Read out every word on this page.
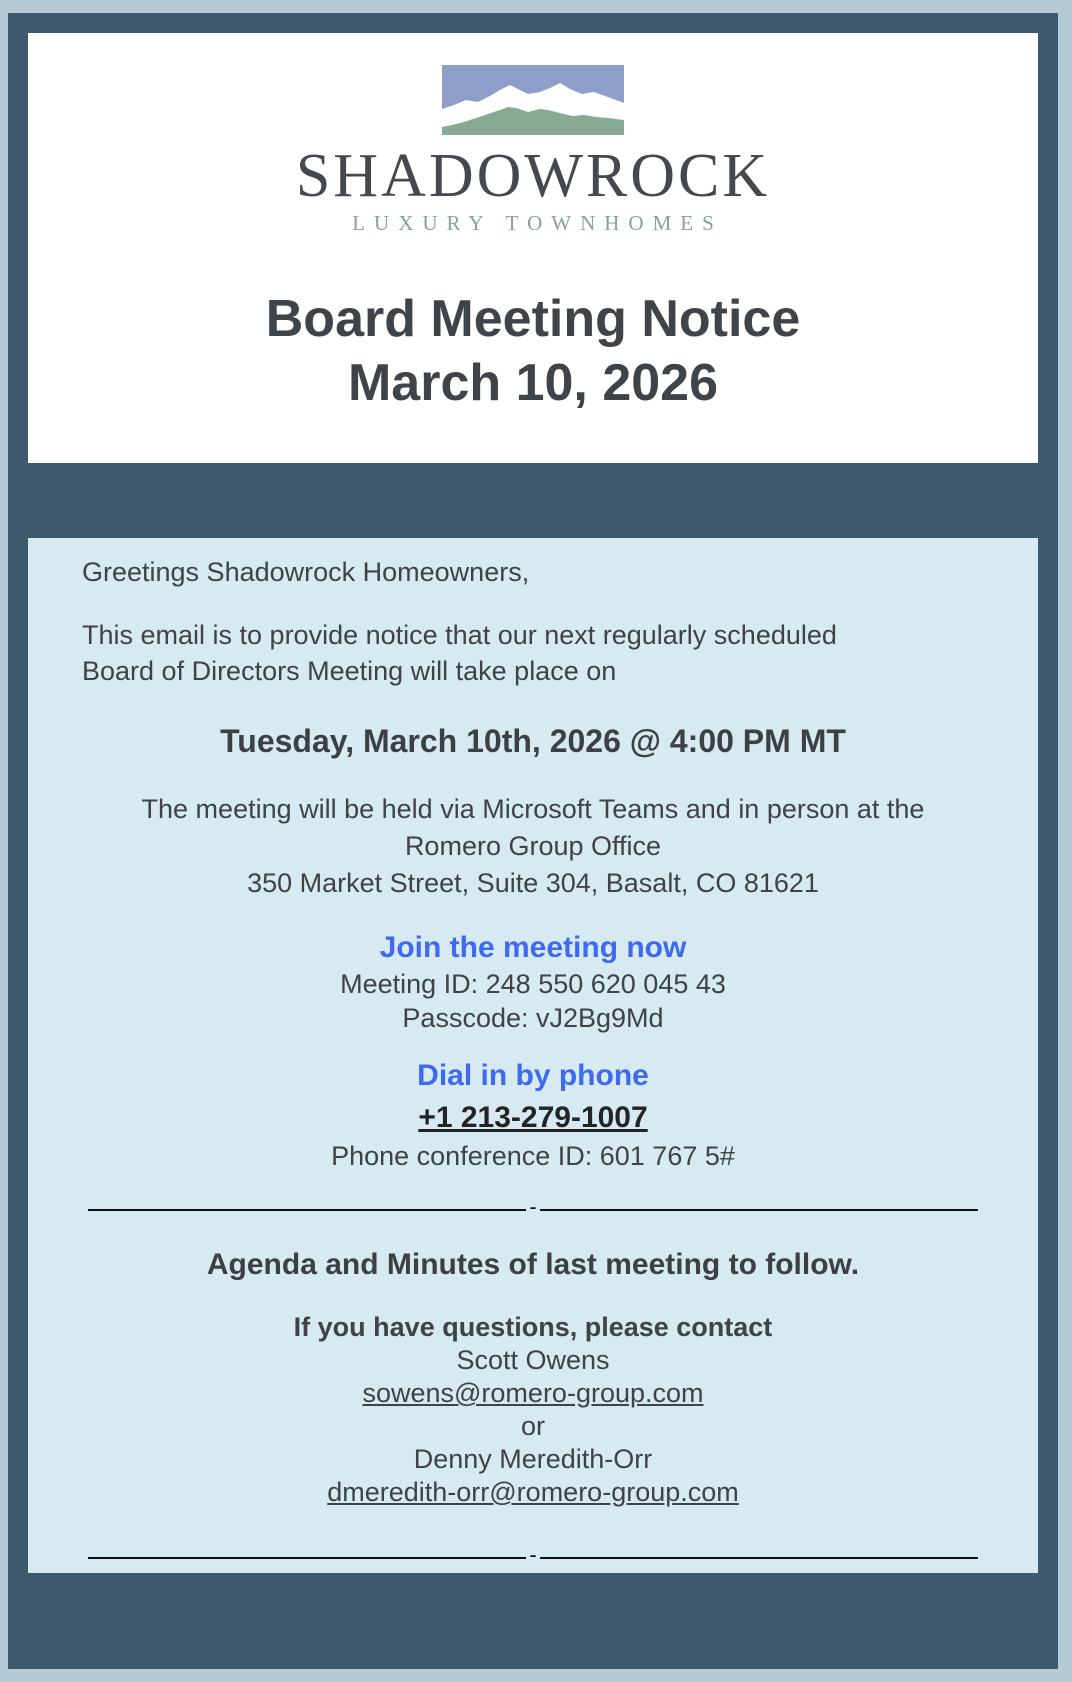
SHADOWROCK
LUXURY TOWNHOMES
Board Meeting Notice
March 10, 2026

Greetings Shadowrock Homeowners,

This email is to provide notice that our next regularly scheduled
Board of Directors Meeting will take place on

Tuesday, March 10th, 2026 @ 4:00 PM MT

The meeting will be held via Microsoft Teams and in person at the
Romero Group Office
350 Market Street, Suite 304, Basalt, CO 81621

Join the meeting now

Meeting ID: 248 550 620 045 43
Passcode: vJ2Bg9Md

Dial in by phone

+1 213-279-1007

Phone conference ID: 601 767 5#

-

Agenda and Minutes of last meeting to follow.

If you have questions, please contact
Scott Owens
sowens@romero-group.com
or
Denny Meredith-Orr
dmeredith-orr@romero-group.com

-
